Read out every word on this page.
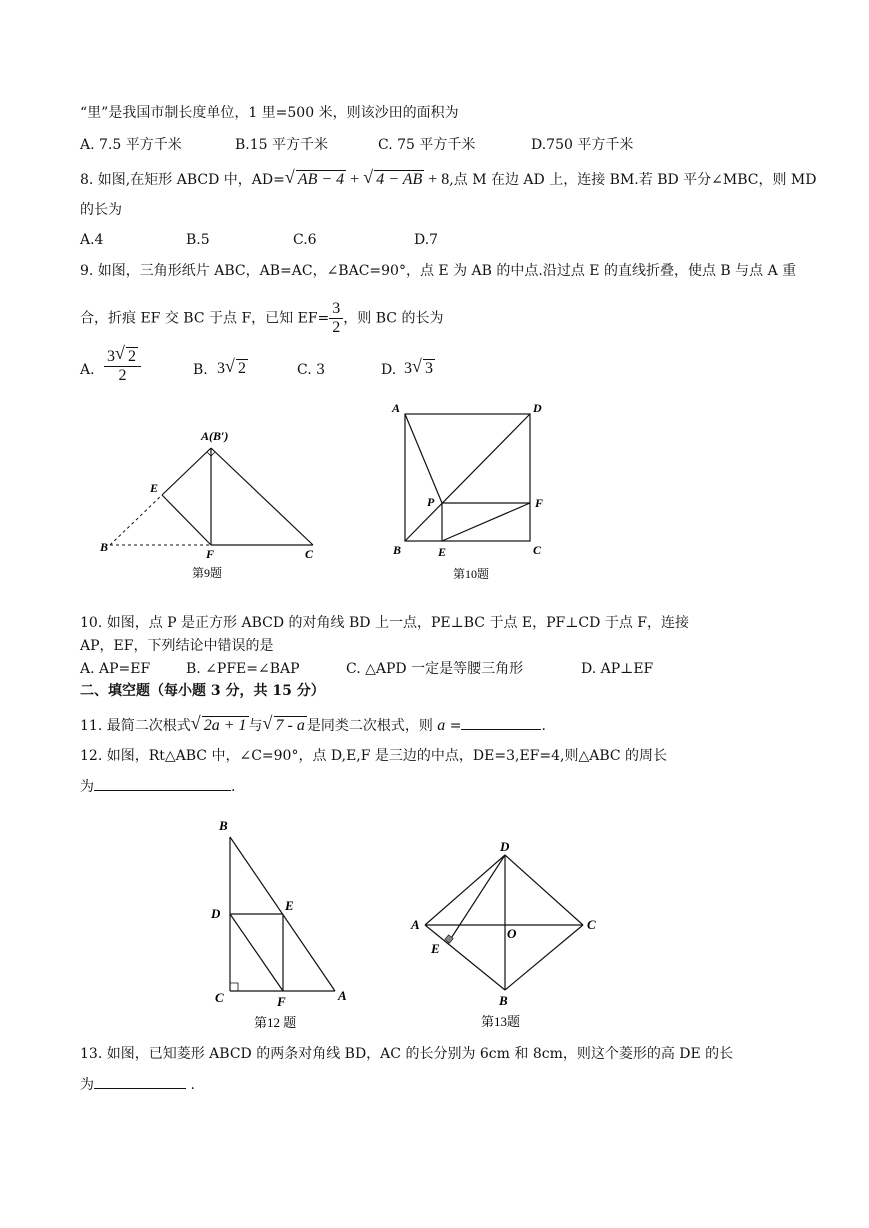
“里”是我国市制长度单位，1 里=500 米，则该沙田的面积为
A. 7.5 平方千米	B.15 平方千米	C. 75 平方千米	D.750 平方千米
8. 如图,在矩形 ABCD 中，AD= √ AB − 4 + √ 4 − AB + 8,点 M 在边 AD 上，连接 BM.若 BD 平分∠MBC，则 MD
的长为
A.4	B.5	C.6	D.7
9. 如图，三角形纸片 ABC，AB=AC，∠BAC=90°，点 E 为 AB 的中点.沿过点 E 的直线折叠，使点 B 与点 A 重
合，折痕 EF 交 BC 于点 F，已知 $EF= \frac{3}{2}$ ，则 BC 的长为
A. $\frac{3 √ 2}{2}$	B. 3 √ 2	C. 3	D. 3 √ 3
A(B′)
E
B	F	C
第9题
A	D
P	F
B	E	C
第10题
10. 如图，点 P 是正方形 ABCD 的对角线 BD 上一点，PE⊥BC 于点 E，PF⊥CD 于点 F，连接
AP，EF，下列结论中错误的是
A. AP=EF	B. ∠PFE=∠BAP	C. △APD 一定是等腰三角形	D. AP⊥EF
二、填空题（每小题 3 分，共 15 分）
11. 最简二次根式 √ 2a + 1 与 √ 7 - a 是同类二次根式，则 a =	.
12. 如图，Rt△ABC 中，∠C=90°，点 D,E,F 是三边的中点，DE=3,EF=4,则△ABC 的周长
为	.
B
D
E
C	F	A
第12 题
D
A
O
C
E
B
第13题
13. 如图，已知菱形 ABCD 的两条对角线 BD，AC 的长分别为 6cm 和 8cm，则这个菱形的高 DE 的长
为	.
